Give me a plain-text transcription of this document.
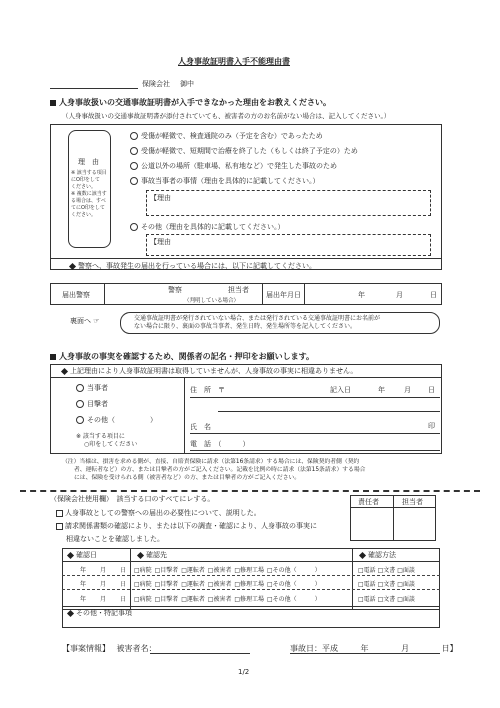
人身事故証明書入手不能理由書
保険会社 御中
人身事故扱いの交通事故証明書が入手できなかった理由をお教えください。
（人身事故扱いの交通事故証明書が添付されていても、被害者の方のお名前がない場合は、記入してください。）
理　由
※ 該当する項目
にO印をして
ください。
※ 複数に該当す
る場合は、すべ
てにO印をして
ください。
受傷が軽微で、検査通院のみ（予定を含む）であったため
受傷が軽微で、短期間で治療を終了した（もしくは終了予定の）ため
公道以外の場所（駐車場、私有地など）で発生した事故のため
事故当事者の事情（理由を具体的に記載してください。）
【理由
その他（理由を具体的に記載してください。）
【理由
警察へ、事故発生の届出を行っている場合には、以下に記載してください。
届出警察
警察	担当者
（判明している場合）
届出年月日	年	月	日
裏面へ ☞	交通事故証明書が発行されていない場合、または発行されている交通事故証明書にお名前が
ない場合に限り、裏面の事故当事者、発生日時、発生場所等を記入してください。
人身事故の事実を確認するため、関係者の記名・押印をお願いします。
上記理由により人身事故証明書は取得していませんが、人身事故の事実に相違ありません。
当事者
目撃者
その他（　　　　　）
※ 該当する項目に
○印をしてください
住　所　〒	記入日	年	月 日
氏　名	印
電　話　（　　　）
（注）当様は、損害を求める側が、直接、自賠責保険に請求（法第16条請求）する場合には、保険契約者側（契約
者、運転者など）の方、または目撃者の方がご記入ください。記載を比例の時に請求（法第15条請求）する場合
には、保険を受けられる側（被害者など）の方、または目撃者の方がご記入ください。
（保険会社使用欄）　該当する口のすべてにレする。
人身事故としての警察への届出の必要性について、説明した。
請求関係書類の確認により、または以下の調査・確認により、人身事故の事実に
相違ないことを確認しました。
責任者	担当者
確認日	確認先	確認方法
年 月 日 □病院 □目撃者 □運転者 □被害者 □修理工場 □その他（　　　）	□電話 □文書 □面談
年 月 日 □病院 □目撃者 □運転者 □被害者 □修理工場 □その他（　　　）	□電話 □文書 □面談
年 月 日 □病院 □目撃者 □運転者 □被害者 □修理工場 □その他（　　　）	□電話 □文書 □面談
その他・特記事項
【事案情報】 被害者名：	事故日：平成	年	月	日】
1/2
